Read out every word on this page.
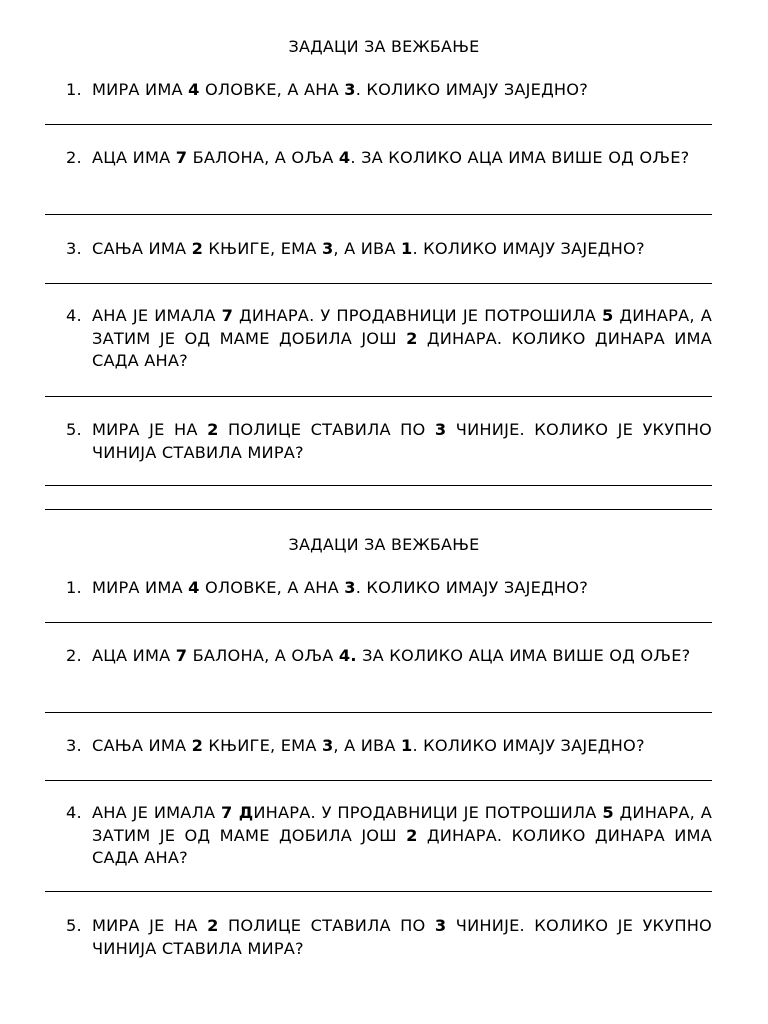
ЗАДАЦИ ЗА ВЕЖБАЊЕ
1. МИРА ИМА 4 ОЛОВКЕ, А АНА 3. КОЛИКО ИМАЈУ ЗАЈЕДНО?
2. АЦА ИМА 7 БАЛОНА, А ОЉА 4. ЗА КОЛИКО АЦА ИМА ВИШЕ ОД ОЉЕ?
3. САЊА ИМА 2 КЊИГЕ, ЕМА 3, А ИВА 1. КОЛИКО ИМАЈУ ЗАЈЕДНО?
4. АНА ЈЕ ИМАЛА 7 ДИНАРА. У ПРОДАВНИЦИ ЈЕ ПОТРОШИЛА 5 ДИНАРА, А ЗАТИМ ЈЕ ОД МАМЕ ДОБИЛА ЈОШ 2 ДИНАРА. КОЛИКО ДИНАРА ИМА САДА АНА?
5. МИРА ЈЕ НА 2 ПОЛИЦЕ СТАВИЛА ПО 3 ЧИНИЈЕ. КОЛИКО ЈЕ УКУПНО ЧИНИЈА СТАВИЛА МИРА?
ЗАДАЦИ ЗА ВЕЖБАЊЕ
1. МИРА ИМА 4 ОЛОВКЕ, А АНА 3. КОЛИКО ИМАЈУ ЗАЈЕДНО?
2. АЦА ИМА 7 БАЛОНА, А ОЉА 4. ЗА КОЛИКО АЦА ИМА ВИШЕ ОД ОЉЕ?
3. САЊА ИМА 2 КЊИГЕ, ЕМА 3, А ИВА 1. КОЛИКО ИМАЈУ ЗАЈЕДНО?
4. АНА ЈЕ ИМАЛА 7 ДИНАРА. У ПРОДАВНИЦИ ЈЕ ПОТРОШИЛА 5 ДИНАРА, А ЗАТИМ ЈЕ ОД МАМЕ ДОБИЛА ЈОШ 2 ДИНАРА. КОЛИКО ДИНАРА ИМА САДА АНА?
5. МИРА ЈЕ НА 2 ПОЛИЦЕ СТАВИЛА ПО 3 ЧИНИЈЕ. КОЛИКО ЈЕ УКУПНО ЧИНИЈА СТАВИЛА МИРА?
